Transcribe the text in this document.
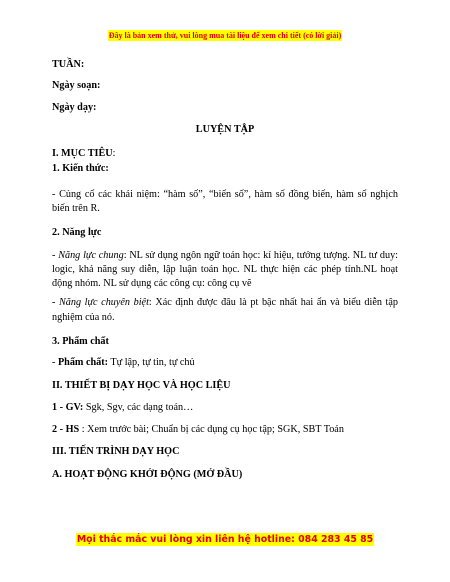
Đây là bản xem thử, vui lòng mua tài liệu để xem chi tiết (có lời giải)

TUẦN:

Ngày soạn:

Ngày dạy:

LUYỆN TẬP

I. MỤC TIÊU:

1. Kiến thức:

- Củng cố các khái niệm: “hàm số”, “biến số”, hàm số đồng biến, hàm số nghịch biến trên R.

2. Năng lực

- Năng lực chung: NL sử dụng ngôn ngữ toán học: kí hiệu, tưởng tượng. NL tư duy: logic, khả năng suy diễn, lập luận toán học. NL thực hiện các phép tính.NL hoạt động nhóm. NL sử dụng các công cụ: công cụ vẽ

- Năng lực chuyên biệt: Xác định được đâu là pt bậc nhất hai ẩn và biểu diễn tập nghiệm của nó.

3. Phẩm chất

- Phẩm chất: Tự lập, tự tin, tự chủ

II. THIẾT BỊ DẠY HỌC VÀ HỌC LIỆU

1 - GV: Sgk, Sgv, các dạng toán…

2 - HS : Xem trước bài; Chuẩn bị các dụng cụ học tập; SGK, SBT Toán

III. TIẾN TRÌNH DẠY HỌC

A. HOẠT ĐỘNG KHỞI ĐỘNG (MỞ ĐẦU)

Mọi thắc mắc vui lòng xin liên hệ hotline: 084 283 45 85
